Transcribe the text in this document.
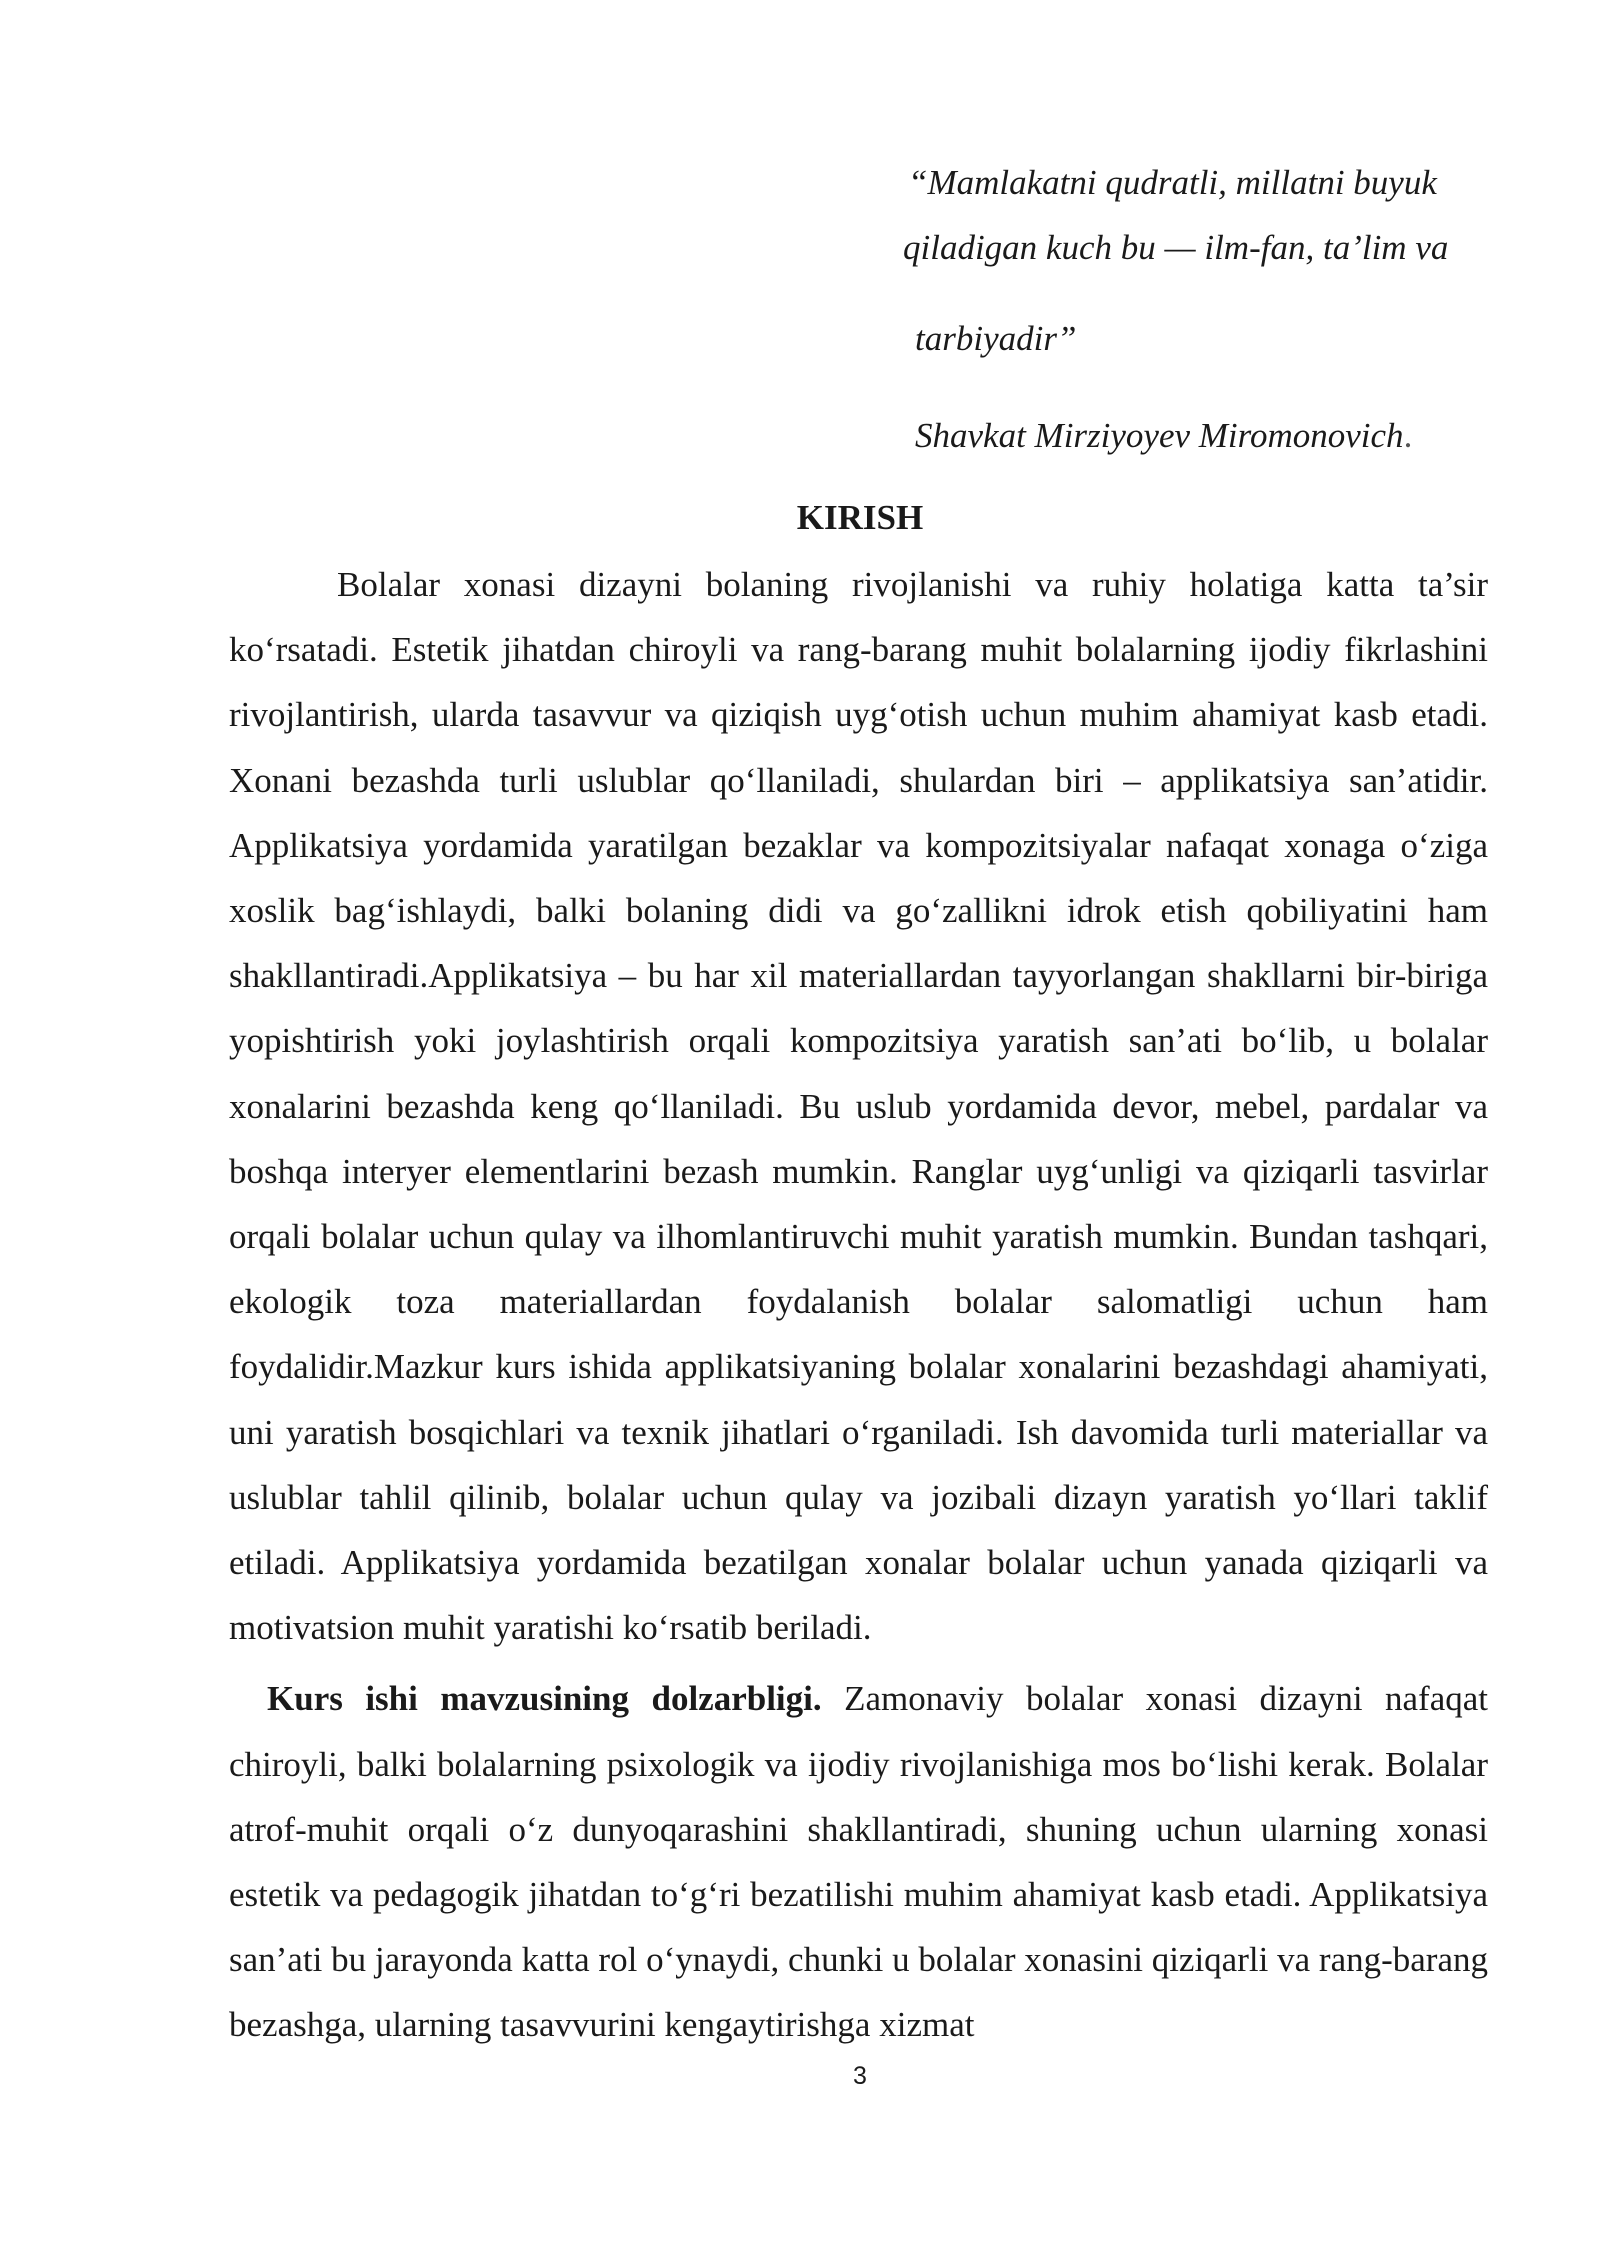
“Mamlakatni qudratli, millatni buyuk
qiladigan kuch bu — ilm-fan, ta’lim va
tarbiyadir”
Shavkat Mirziyoyev Miromonovich.
KIRISH

Bolalar xonasi dizayni bolaning rivojlanishi va ruhiy holatiga katta ta’sir ko‘rsatadi. Estetik jihatdan chiroyli va rang-barang muhit bolalarning ijodiy fikrlashini rivojlantirish, ularda tasavvur va qiziqish uyg‘otish uchun muhim ahamiyat kasb etadi. Xonani bezashda turli uslublar qo‘llaniladi, shulardan biri – applikatsiya san’atidir. Applikatsiya yordamida yaratilgan bezaklar va kompozitsiyalar nafaqat xonaga o‘ziga xoslik bag‘ishlaydi, balki bolaning didi va go‘zallikni idrok etish qobiliyatini ham shakllantiradi.Applikatsiya – bu har xil materiallardan tayyorlangan shakllarni bir-biriga yopishtirish yoki joylashtirish orqali kompozitsiya yaratish san’ati bo‘lib, u bolalar xonalarini bezashda keng qo‘llaniladi. Bu uslub yordamida devor, mebel, pardalar va boshqa interyer elementlarini bezash mumkin. Ranglar uyg‘unligi va qiziqarli tasvirlar orqali bolalar uchun qulay va ilhomlantiruvchi muhit yaratish mumkin. Bundan tashqari, ekologik toza materiallardan foydalanish bolalar salomatligi uchun ham foydalidir.Mazkur kurs ishida applikatsiyaning bolalar xonalarini bezashdagi ahamiyati, uni yaratish bosqichlari va texnik jihatlari o‘rganiladi. Ish davomida turli materiallar va uslublar tahlil qilinib, bolalar uchun qulay va jozibali dizayn yaratish yo‘llari taklif etiladi. Applikatsiya yordamida bezatilgan xonalar bolalar uchun yanada qiziqarli va motivatsion muhit yaratishi ko‘rsatib beriladi.

Kurs ishi mavzusining dolzarbligi. Zamonaviy bolalar xonasi dizayni nafaqat chiroyli, balki bolalarning psixologik va ijodiy rivojlanishiga mos bo‘lishi kerak. Bolalar atrof-muhit orqali o‘z dunyoqarashini shakllantiradi, shuning uchun ularning xonasi estetik va pedagogik jihatdan to‘g‘ri bezatilishi muhim ahamiyat kasb etadi. Applikatsiya san’ati bu jarayonda katta rol o‘ynaydi, chunki u bolalar xonasini qiziqarli va rang-barang bezashga, ularning tasavvurini kengaytirishga xizmat

3
